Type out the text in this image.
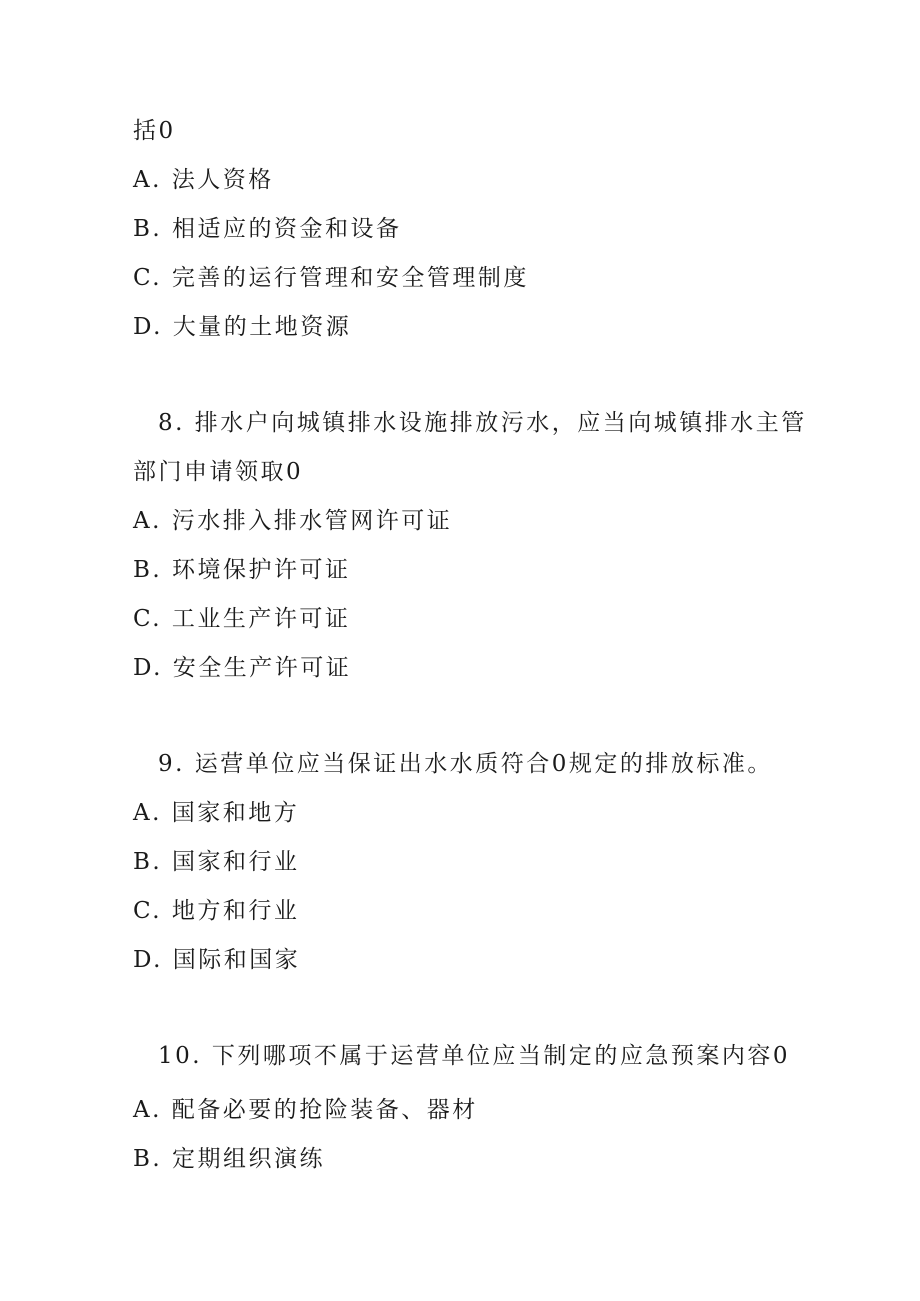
括0
A. 法人资格
B. 相适应的资金和设备
C. 完善的运行管理和安全管理制度
D. 大量的土地资源
8. 排水户向城镇排水设施排放污水，应当向城镇排水主管
部门申请领取0
A. 污水排入排水管网许可证
B. 环境保护许可证
C. 工业生产许可证
D. 安全生产许可证
9. 运营单位应当保证出水水质符合0规定的排放标准。
A. 国家和地方
B. 国家和行业
C. 地方和行业
D. 国际和国家
10. 下列哪项不属于运营单位应当制定的应急预案内容0
A. 配备必要的抢险装备、器材
B. 定期组织演练
